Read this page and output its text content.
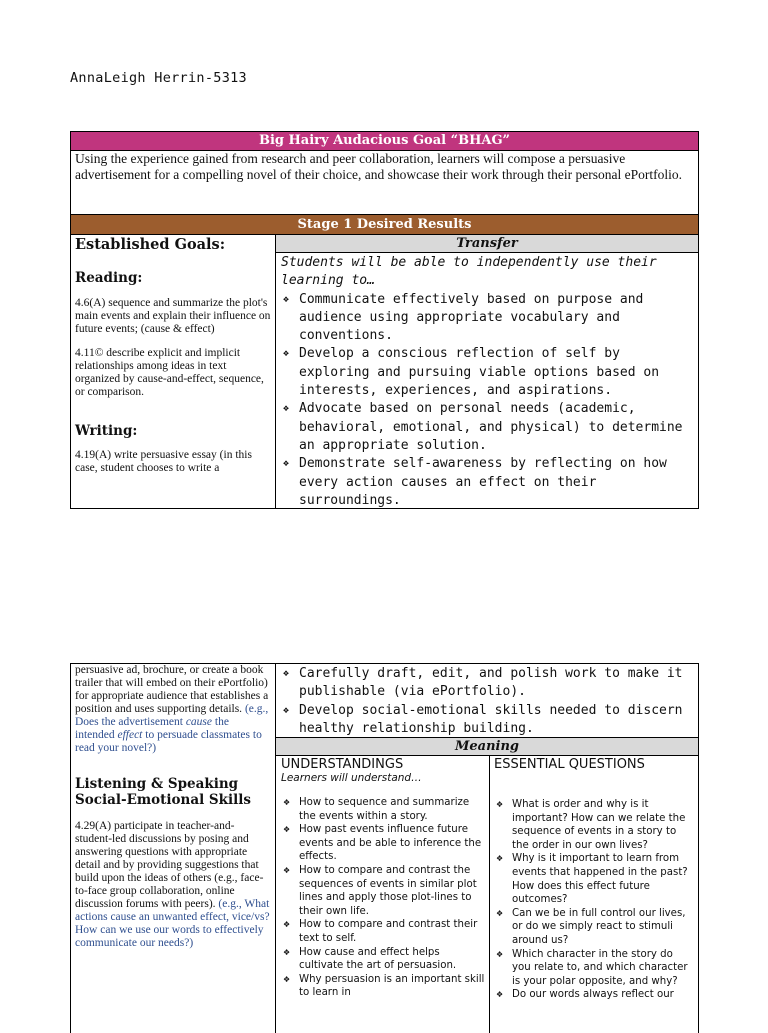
AnnaLeigh Herrin-5313
Big Hairy Audacious Goal “BHAG”
Using the experience gained from research and peer collaboration, learners will compose a persuasive advertisement for a compelling novel of their choice, and showcase their work through their personal ePortfolio.
Stage 1 Desired Results
Established Goals:
Reading:
4.6(A) sequence and summarize the plot's main events and explain their influence on future events; (cause & effect)
4.11© describe explicit and implicit relationships among ideas in text organized by cause-and-effect, sequence, or comparison.
Writing:
4.19(A) write persuasive essay (in this case, student chooses to write a
Transfer
Students will be able to independently use their learning to…
❖ Communicate effectively based on purpose and audience using appropriate vocabulary and conventions.
❖ Develop a conscious reflection of self by exploring and pursuing viable options based on interests, experiences, and aspirations.
❖ Advocate based on personal needs (academic, behavioral, emotional, and physical) to determine an appropriate solution.
❖ Demonstrate self-awareness by reflecting on how every action causes an effect on their surroundings.
persuasive ad, brochure, or create a book trailer that will embed on their ePortfolio) for appropriate audience that establishes a position and uses supporting details. (e.g., Does the advertisement cause the intended effect to persuade classmates to read your novel?)
Listening & Speaking Social-Emotional Skills
4.29(A) participate in teacher-and-student-led discussions by posing and answering questions with appropriate detail and by providing suggestions that build upon the ideas of others (e.g., face-to-face group collaboration, online discussion forums with peers). (e.g., What actions cause an unwanted effect, vice/vs? How can we use our words to effectively communicate our needs?)
❖ Carefully draft, edit, and polish work to make it publishable (via ePortfolio).
❖ Develop social-emotional skills needed to discern healthy relationship building.
Meaning
UNDERSTANDINGS
Learners will understand…
❖ How to sequence and summarize the events within a story.
❖ How past events influence future events and be able to inference the effects.
❖ How to compare and contrast the sequences of events in similar plot lines and apply those plot-lines to their own life.
❖ How to compare and contrast their text to self.
❖ How cause and effect helps cultivate the art of persuasion.
❖ Why persuasion is an important skill to learn in
ESSENTIAL QUESTIONS
❖ What is order and why is it important? How can we relate the sequence of events in a story to the order in our own lives?
❖ Why is it important to learn from events that happened in the past? How does this effect future outcomes?
❖ Can we be in full control our lives, or do we simply react to stimuli around us?
❖ Which character in the story do you relate to, and which character is your polar opposite, and why?
❖ Do our words always reflect our
